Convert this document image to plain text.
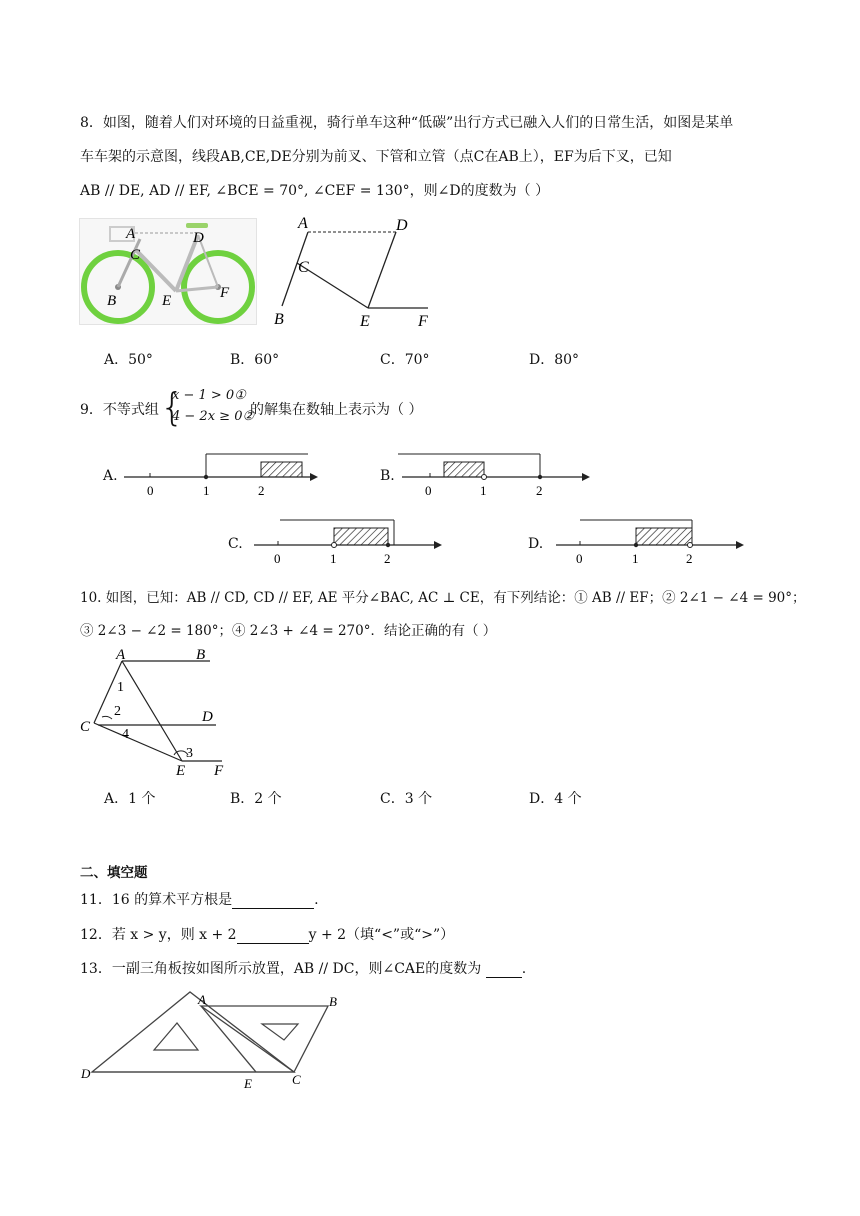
8．如图，随着人们对环境的日益重视，骑行单车这种“低碳”出行方式已融入人们的日常生活，如图是某单
车车架的示意图，线段AB,CE,DE分别为前叉、下管和立管（点C在AB上），EF为后下叉，已知
AB // DE, AD // EF, ∠BCE = 70°, ∠CEF = 130°，则∠D的度数为（ ）
A
C
D
B	E	F
A	D
C
B	E	F
A．50°	B．60°	C．70°	D．80°
9．不等式组 {
x − 1 > 0①
4 − 2x ≥ 0②
的解集在数轴上表示为（ ）
A.
0	1	2
B.
0	1	2
C.
0	1	2
D.
0	1	2
10. 如图，已知：AB // CD, CD // EF, AE 平分∠BAC, AC ⊥ CE，有下列结论：① AB // EF；② 2∠1 − ∠4 = 90°；
③ 2∠3 − ∠2 = 180°；④ 2∠3 + ∠4 = 270°．结论正确的有（ ）
A	B
C
D
E F
1
2
3
4
A．1 个	B．2 个	C．3 个	D．4 个
二、填空题
11．16 的算术平方根是	.
12．若 x > y，则 x + 2	y + 2（填“<”或“>”）
13．一副三角板按如图所示放置，AB // DC，则∠CAE的度数为	.
A	B
D
E	C
